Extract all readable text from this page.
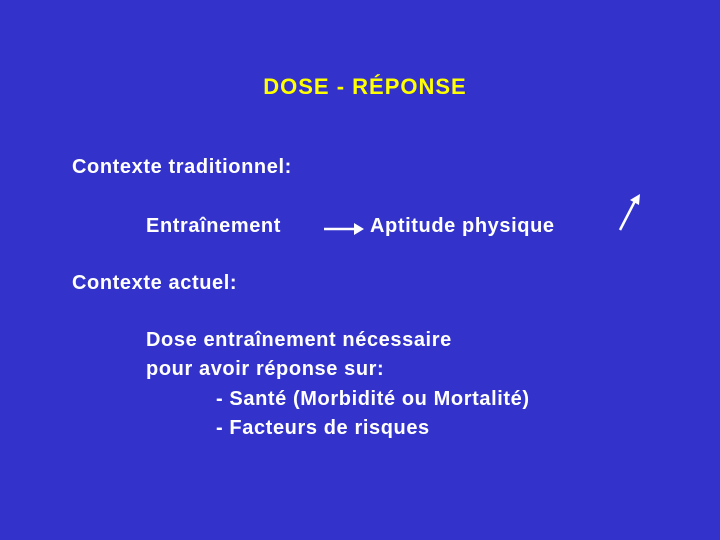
DOSE - RÉPONSE
Contexte traditionnel:
Entraînement	Aptitude physique
Contexte actuel:
Dose entraînement nécessaire
pour avoir réponse sur:
- Santé (Morbidité ou Mortalité)
- Facteurs de risques
